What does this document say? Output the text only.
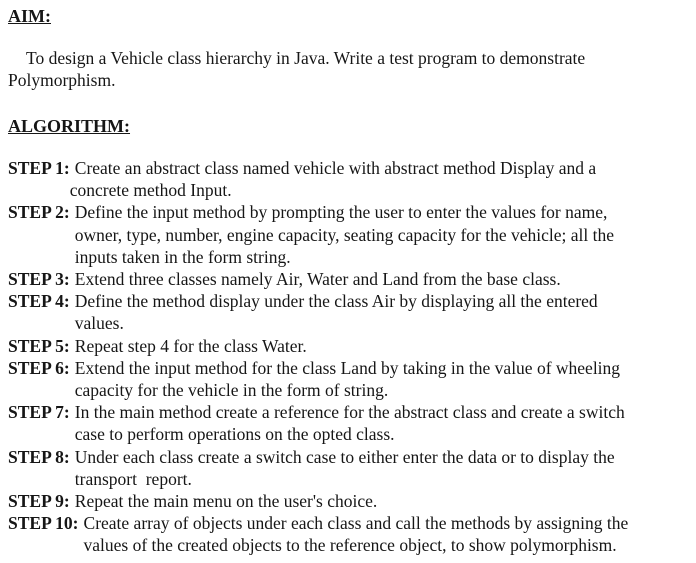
AIM:

To design a Vehicle class hierarchy in Java. Write a test program to demonstrate
Polymorphism.

ALGORITHM:
STEP 1: Create an abstract class named vehicle with abstract method Display and a
concrete method Input.
STEP 2: Define the input method by prompting the user to enter the values for name,
owner, type, number, engine capacity, seating capacity for the vehicle; all the
inputs taken in the form string.
STEP 3: Extend three classes namely Air, Water and Land from the base class.
STEP 4: Define the method display under the class Air by displaying all the entered
values.
STEP 5: Repeat step 4 for the class Water.
STEP 6: Extend the input method for the class Land by taking in the value of wheeling
capacity for the vehicle in the form of string.
STEP 7: In the main method create a reference for the abstract class and create a switch
case to perform operations on the opted class.
STEP 8: Under each class create a switch case to either enter the data or to display the
transport  report.
STEP 9: Repeat the main menu on the user's choice.
STEP 10: Create array of objects under each class and call the methods by assigning the
values of the created objects to the reference object, to show polymorphism.
